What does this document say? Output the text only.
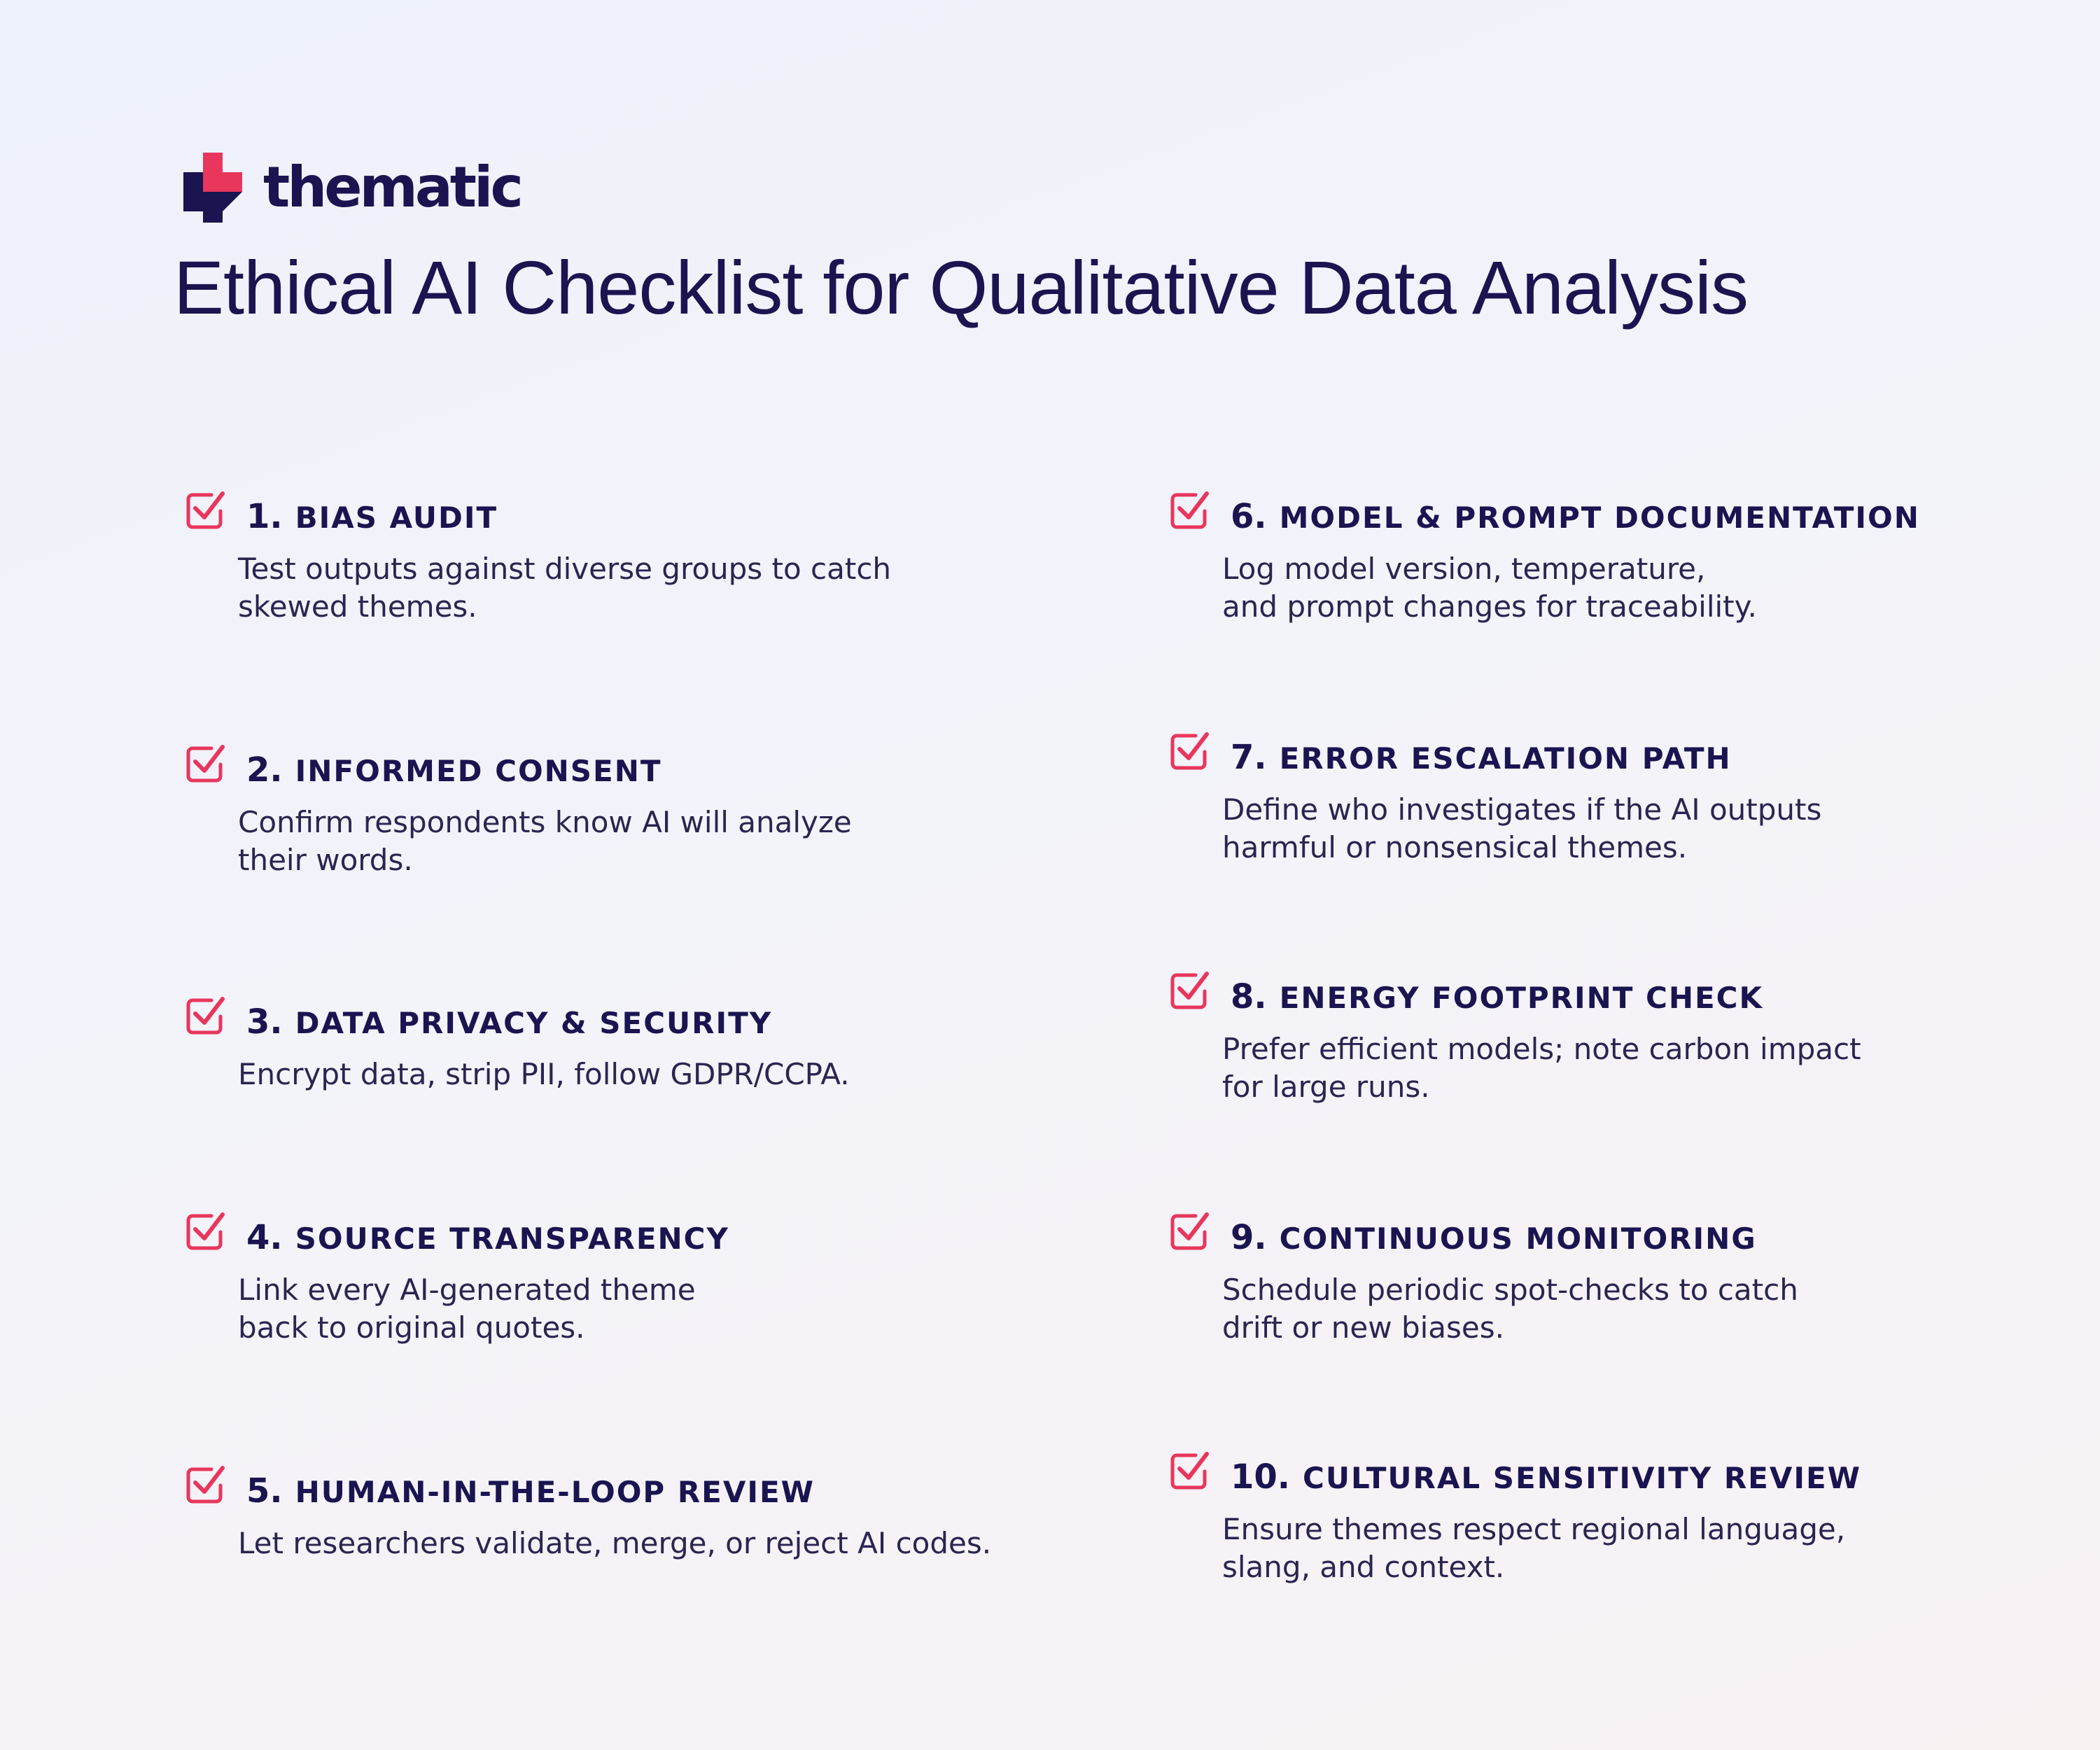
thematic
Ethical AI Checklist for Qualitative Data Analysis
1. BIAS AUDIT

Test outputs against diverse groups to catch
skewed themes.

2. INFORMED CONSENT

Confirm respondents know AI will analyze
their words.

3. DATA PRIVACY & SECURITY

Encrypt data, strip PII, follow GDPR/CCPA.

4. SOURCE TRANSPARENCY

Link every AI-generated theme
back to original quotes.

5. HUMAN-IN-THE-LOOP REVIEW

Let researchers validate, merge, or reject AI codes.

6. MODEL & PROMPT DOCUMENTATION

Log model version, temperature,
and prompt changes for traceability.

7. ERROR ESCALATION PATH

Define who investigates if the AI outputs
harmful or nonsensical themes.

8. ENERGY FOOTPRINT CHECK

Prefer efficient models; note carbon impact
for large runs.

9. CONTINUOUS MONITORING

Schedule periodic spot-checks to catch
drift or new biases.

10. CULTURAL SENSITIVITY REVIEW

Ensure themes respect regional language,
slang, and context.
